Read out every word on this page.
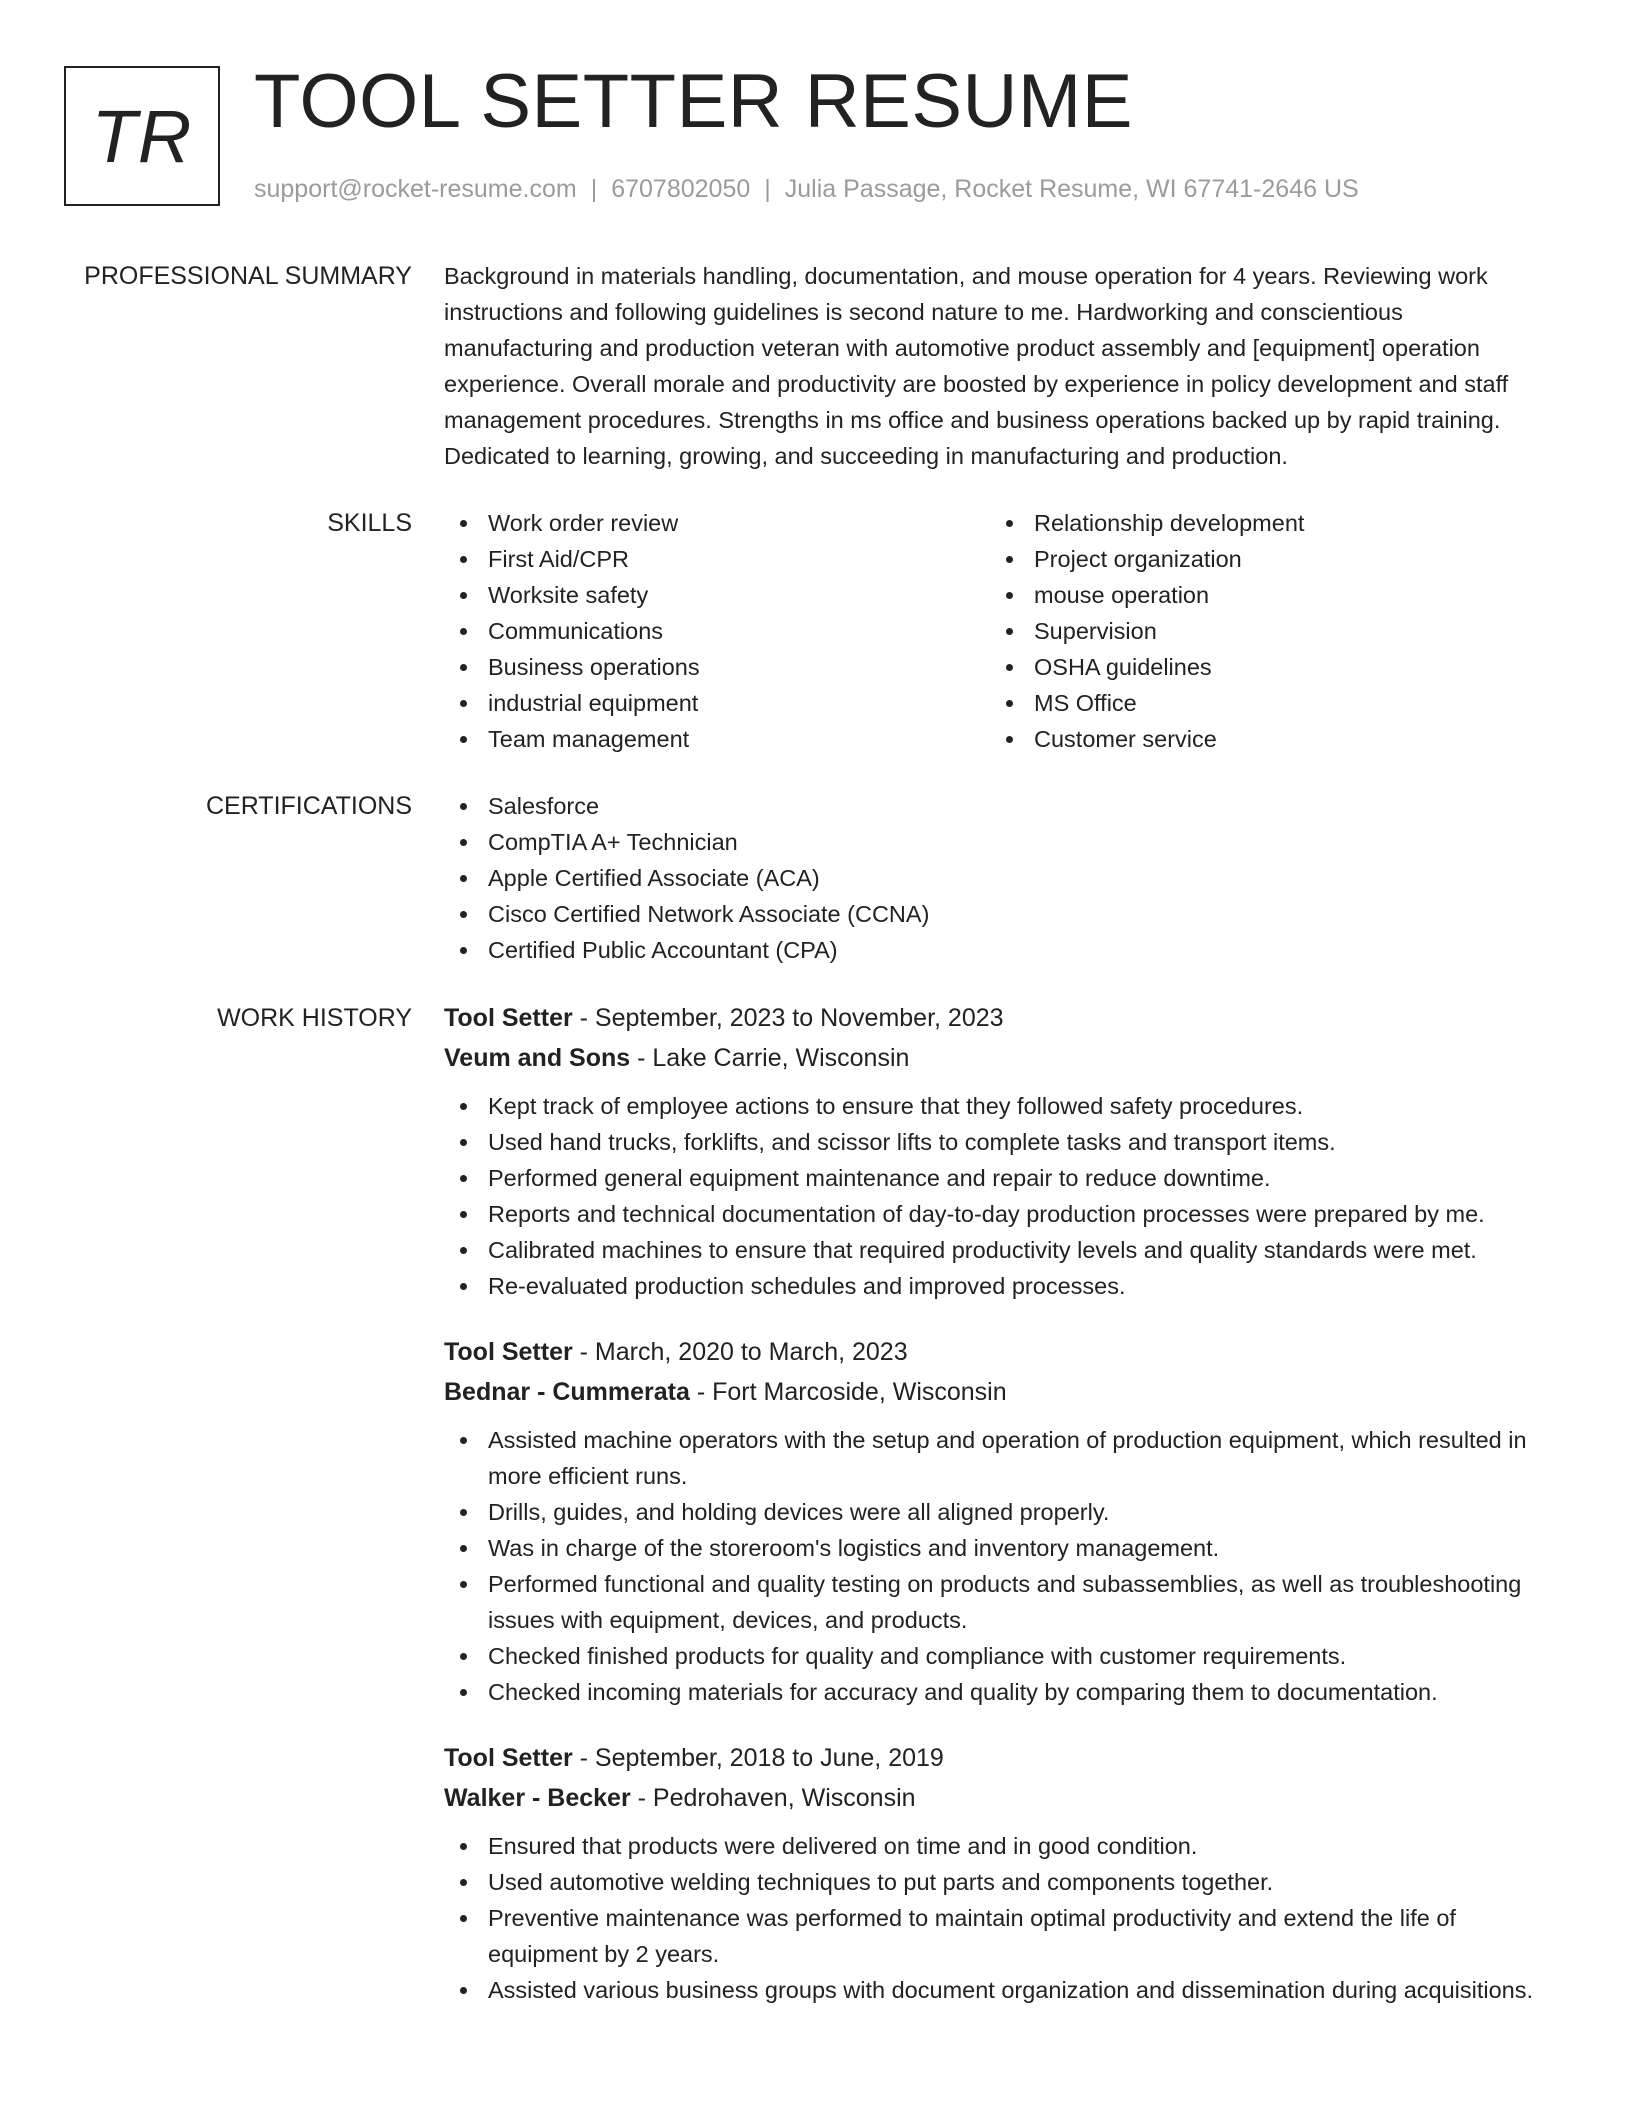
TR TOOL SETTER RESUME
support@rocket-resume.com | 6707802050 | Julia Passage, Rocket Resume, WI 67741-2646 US
PROFESSIONAL SUMMARY Background in materials handling, documentation, and mouse operation for 4 years. Reviewing work instructions and following guidelines is second nature to me. Hardworking and conscientious manufacturing and production veteran with automotive product assembly and [equipment] operation experience. Overall morale and productivity are boosted by experience in policy development and staff management procedures. Strengths in ms office and business operations backed up by rapid training. Dedicated to learning, growing, and succeeding in manufacturing and production.

SKILLS	Work order review
First Aid/CPR
Worksite safety
Communications
Business operations
industrial equipment
Team management
Relationship development
Project organization
mouse operation
Supervision
OSHA guidelines
MS Office
Customer service
CERTIFICATIONS	Salesforce
CompTIA A+ Technician
Apple Certified Associate (ACA)
Cisco Certified Network Associate (CCNA)
Certified Public Accountant (CPA)
WORK HISTORY Tool Setter - September, 2023 to November, 2023
Veum and Sons - Lake Carrie, Wisconsin
Kept track of employee actions to ensure that they followed safety procedures.
Used hand trucks, forklifts, and scissor lifts to complete tasks and transport items.
Performed general equipment maintenance and repair to reduce downtime.
Reports and technical documentation of day-to-day production processes were prepared by me.
Calibrated machines to ensure that required productivity levels and quality standards were met.
Re-evaluated production schedules and improved processes.
Tool Setter - March, 2020 to March, 2023
Bednar - Cummerata - Fort Marcoside, Wisconsin
Assisted machine operators with the setup and operation of production equipment, which resulted in more efficient runs.
Drills, guides, and holding devices were all aligned properly.
Was in charge of the storeroom's logistics and inventory management.
Performed functional and quality testing on products and subassemblies, as well as troubleshooting issues with equipment, devices, and products.
Checked finished products for quality and compliance with customer requirements.
Checked incoming materials for accuracy and quality by comparing them to documentation.
Tool Setter - September, 2018 to June, 2019
Walker - Becker - Pedrohaven, Wisconsin
Ensured that products were delivered on time and in good condition.
Used automotive welding techniques to put parts and components together.
Preventive maintenance was performed to maintain optimal productivity and extend the life of equipment by 2 years.
Assisted various business groups with document organization and dissemination during acquisitions.
